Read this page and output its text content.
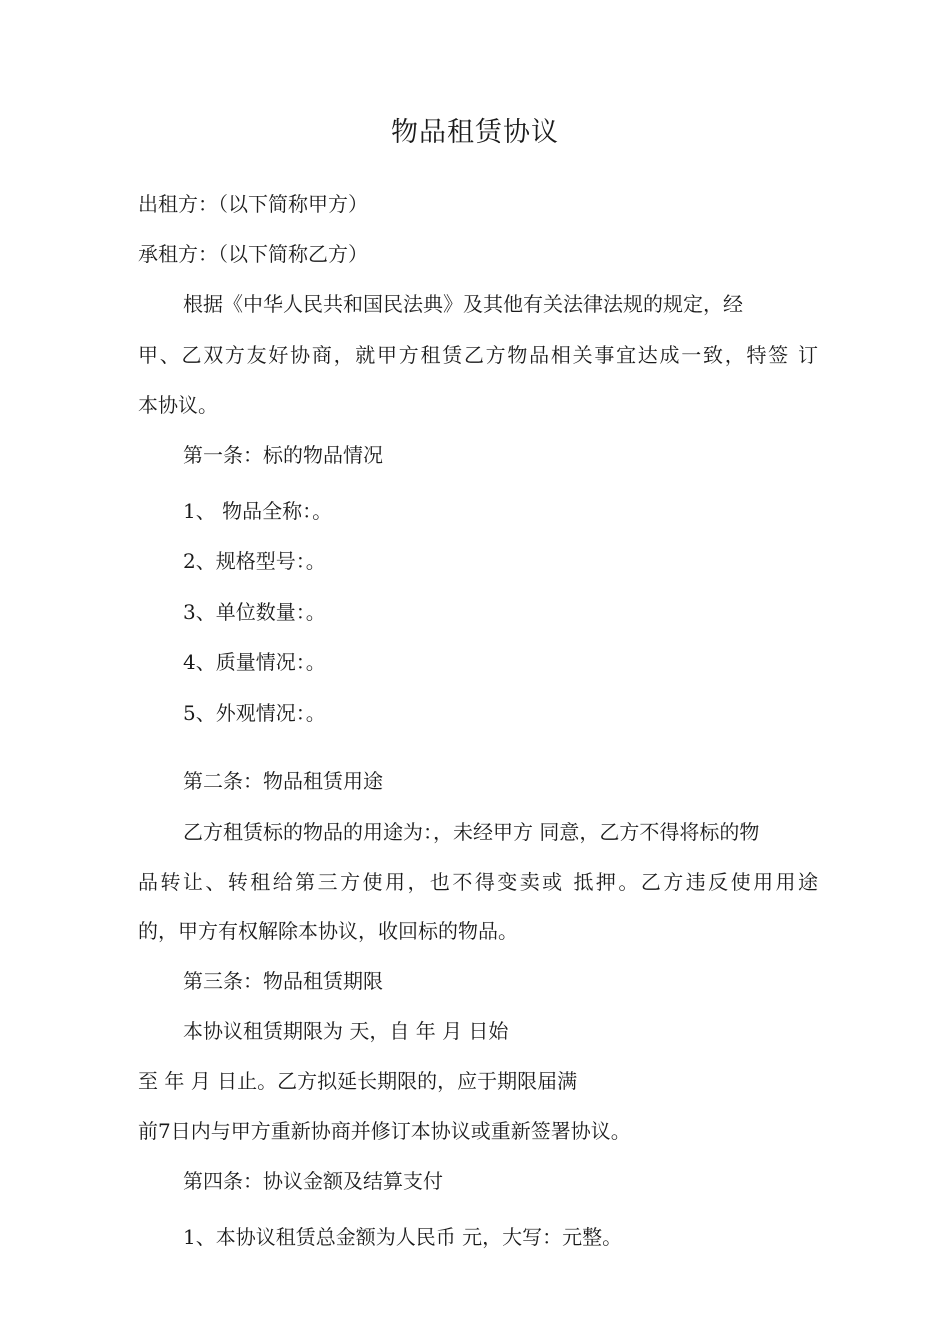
物品租赁协议
出租方：（以下简称甲方）
承租方：（以下简称乙方）
根据《中华人民共和国民法典》及其他有关法律法规的规定，经
甲、乙双方友好协商，就甲方租赁乙方物品相关事宜达成一致，特签 订
本协议。
第一条：标的物品情况
1、 物品全称：。
2、规格型号：。
3、单位数量：。
4、质量情况：。
5、外观情况：。
第二条：物品租赁用途
乙方租赁标的物品的用途为：，未经甲方 同意，乙方不得将标的物
品转让、转租给第三方使用，也不得变卖或 抵押。乙方违反使用用途
的，甲方有权解除本协议，收回标的物品。
第三条：物品租赁期限
本协议租赁期限为 天，自 年 月 日始
至 年 月 日止。乙方拟延长期限的，应于期限届满
前7日内与甲方重新协商并修订本协议或重新签署协议。
第四条：协议金额及结算支付
1、本协议租赁总金额为人民币 元，大写：元整。
